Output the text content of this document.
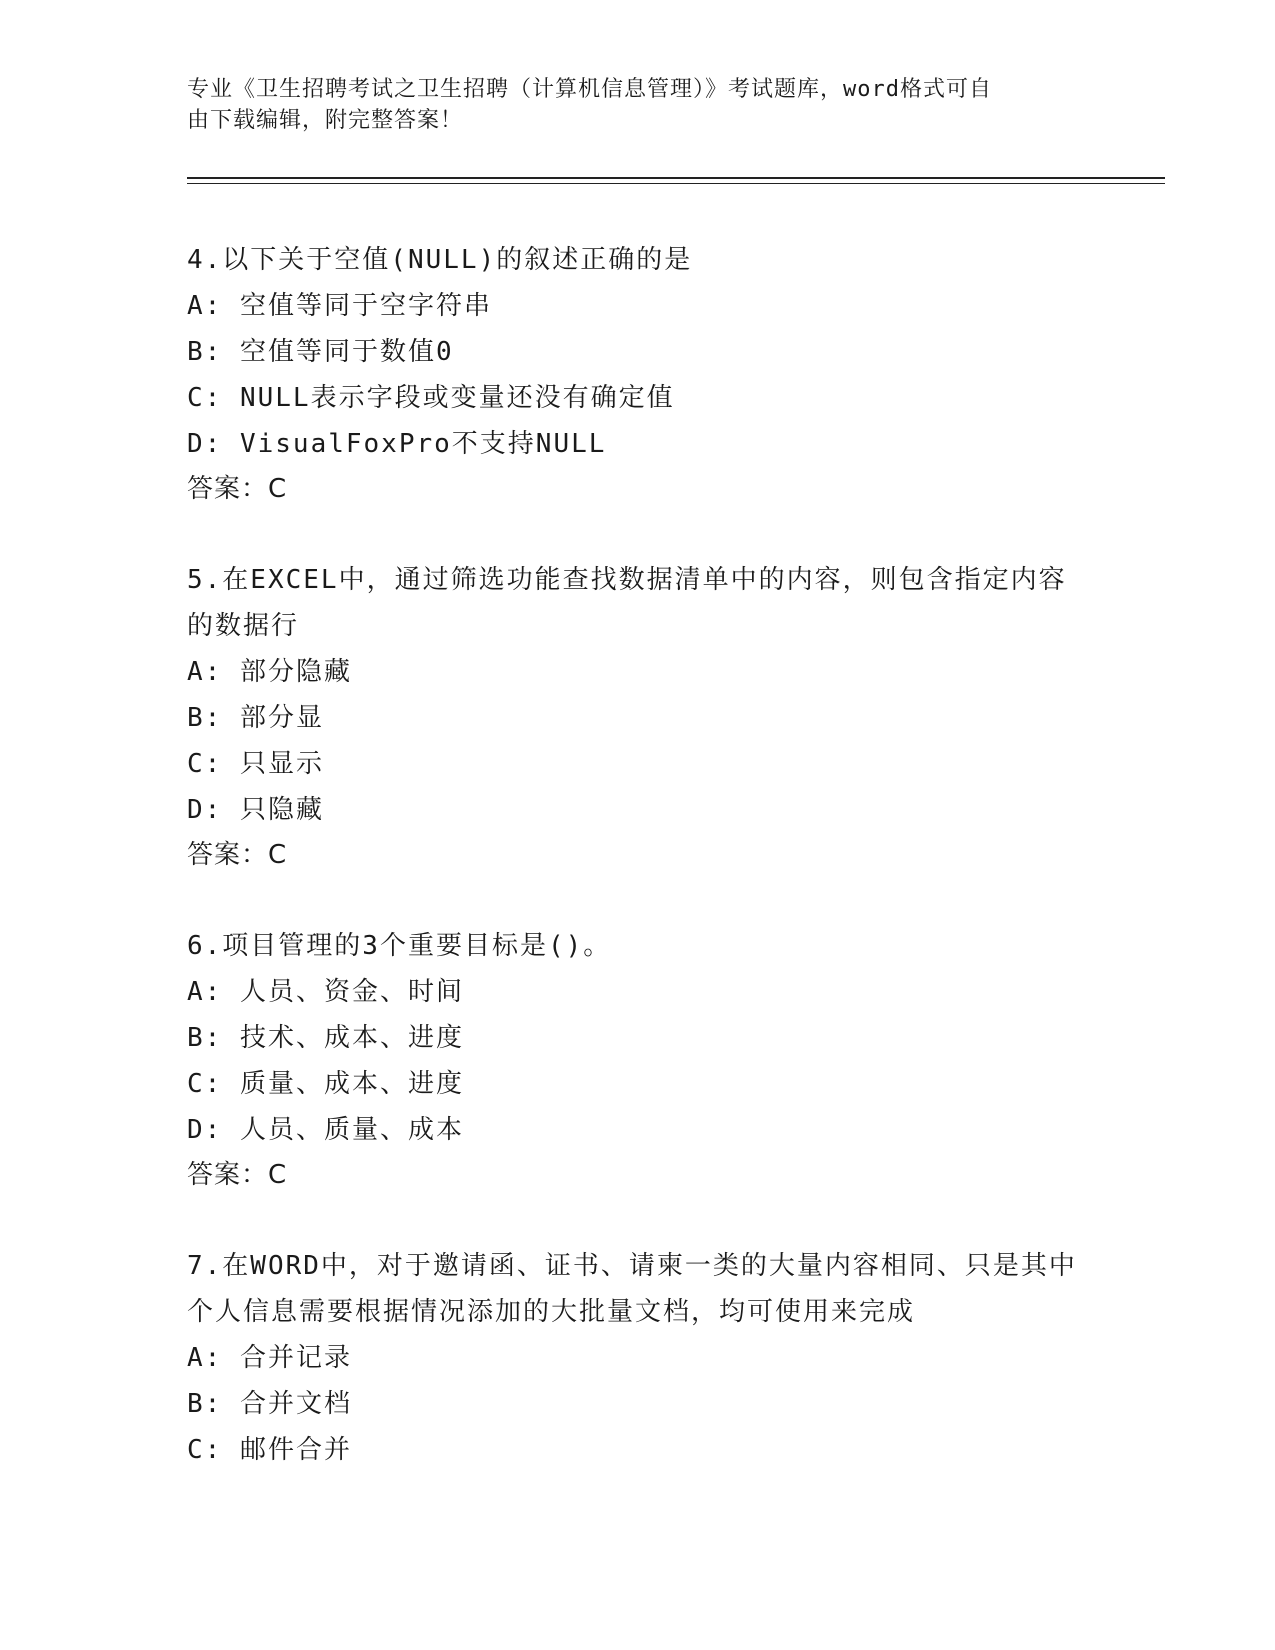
专业《卫生招聘考试之卫生招聘（计算机信息管理）》考试题库，word格式可自
由下载编辑，附完整答案！
4.以下关于空值(NULL)的叙述正确的是
A: 空值等同于空字符串
B: 空值等同于数值0
C: NULL表示字段或变量还没有确定值
D: VisualFoxPro不支持NULL
答案：C
5.在EXCEL中，通过筛选功能查找数据清单中的内容，则包含指定内容的数据行
A: 部分隐藏
B: 部分显
C: 只显示
D: 只隐藏
答案：C
6.项目管理的3个重要目标是()。
A: 人员、资金、时间
B: 技术、成本、进度
C: 质量、成本、进度
D: 人员、质量、成本
答案：C
7.在WORD中，对于邀请函、证书、请柬一类的大量内容相同、只是其中个人信息需要根据情况添加的大批量文档，均可使用来完成
A: 合并记录
B: 合并文档
C: 邮件合并
